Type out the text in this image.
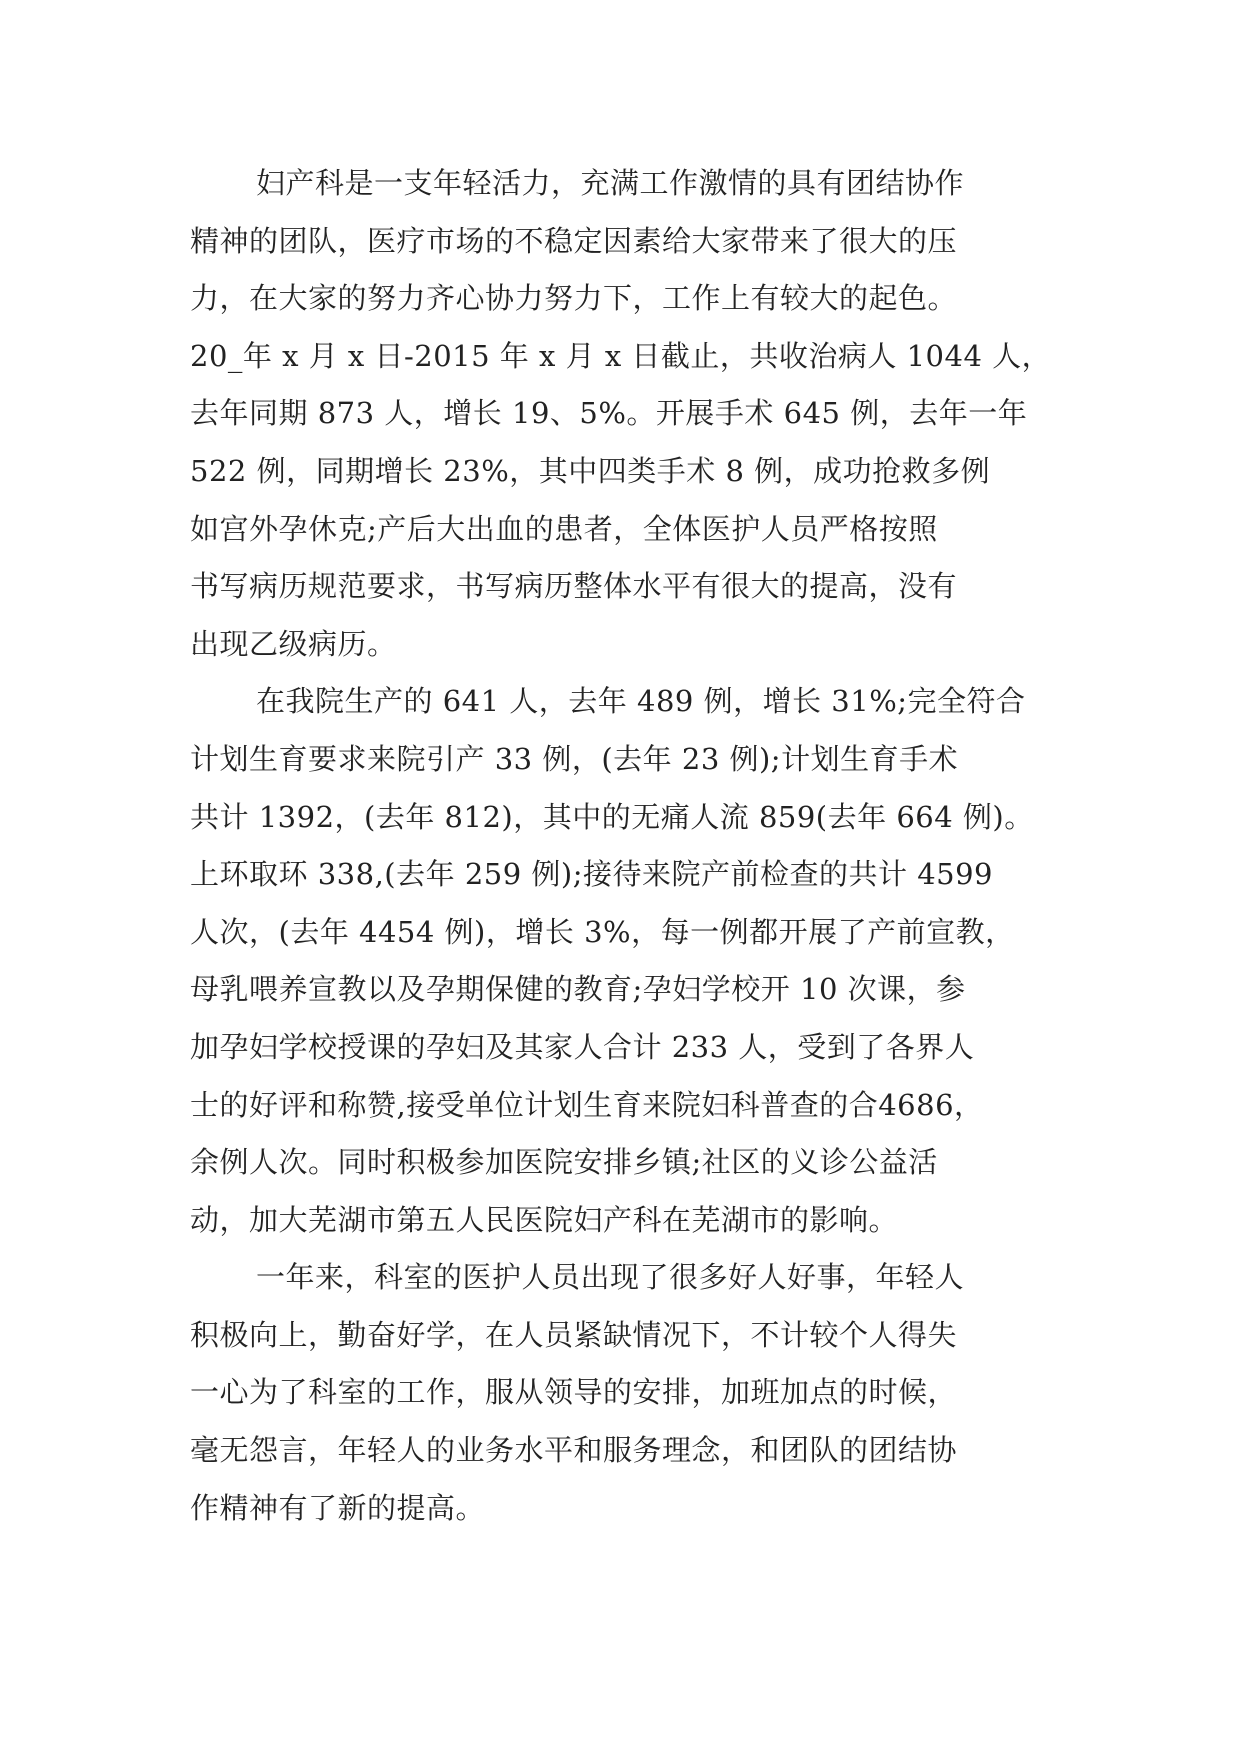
妇产科是一支年轻活力，充满工作激情的具有团结协作
精神的团队，医疗市场的不稳定因素给大家带来了很大的压
力，在大家的努力齐心协力努力下，工作上有较大的起色。
20_年 x 月 x 日-2015 年 x 月 x 日截止，共收治病人 1044 人，
去年同期 873 人，增长 19、5%。开展手术 645 例，去年一年
522 例，同期增长 23%，其中四类手术 8 例，成功抢救多例
如宫外孕休克;产后大出血的患者，全体医护人员严格按照
书写病历规范要求，书写病历整体水平有很大的提高，没有
出现乙级病历。
在我院生产的 641 人，去年 489 例，增长 31%;完全符合
计划生育要求来院引产 33 例，(去年 23 例);计划生育手术
共计 1392，(去年 812)，其中的无痛人流 859(去年 664 例)。
上环取环 338,(去年 259 例);接待来院产前检查的共计 4599
人次，(去年 4454 例)，增长 3%，每一例都开展了产前宣教，
母乳喂养宣教以及孕期保健的教育;孕妇学校开 10 次课，参
加孕妇学校授课的孕妇及其家人合计 233 人，受到了各界人
士的好评和称赞,接受单位计划生育来院妇科普查的合4686，
余例人次。同时积极参加医院安排乡镇;社区的义诊公益活
动，加大芜湖市第五人民医院妇产科在芜湖市的影响。
一年来，科室的医护人员出现了很多好人好事，年轻人
积极向上，勤奋好学，在人员紧缺情况下，不计较个人得失
一心为了科室的工作，服从领导的安排，加班加点的时候，
毫无怨言，年轻人的业务水平和服务理念，和团队的团结协
作精神有了新的提高。
